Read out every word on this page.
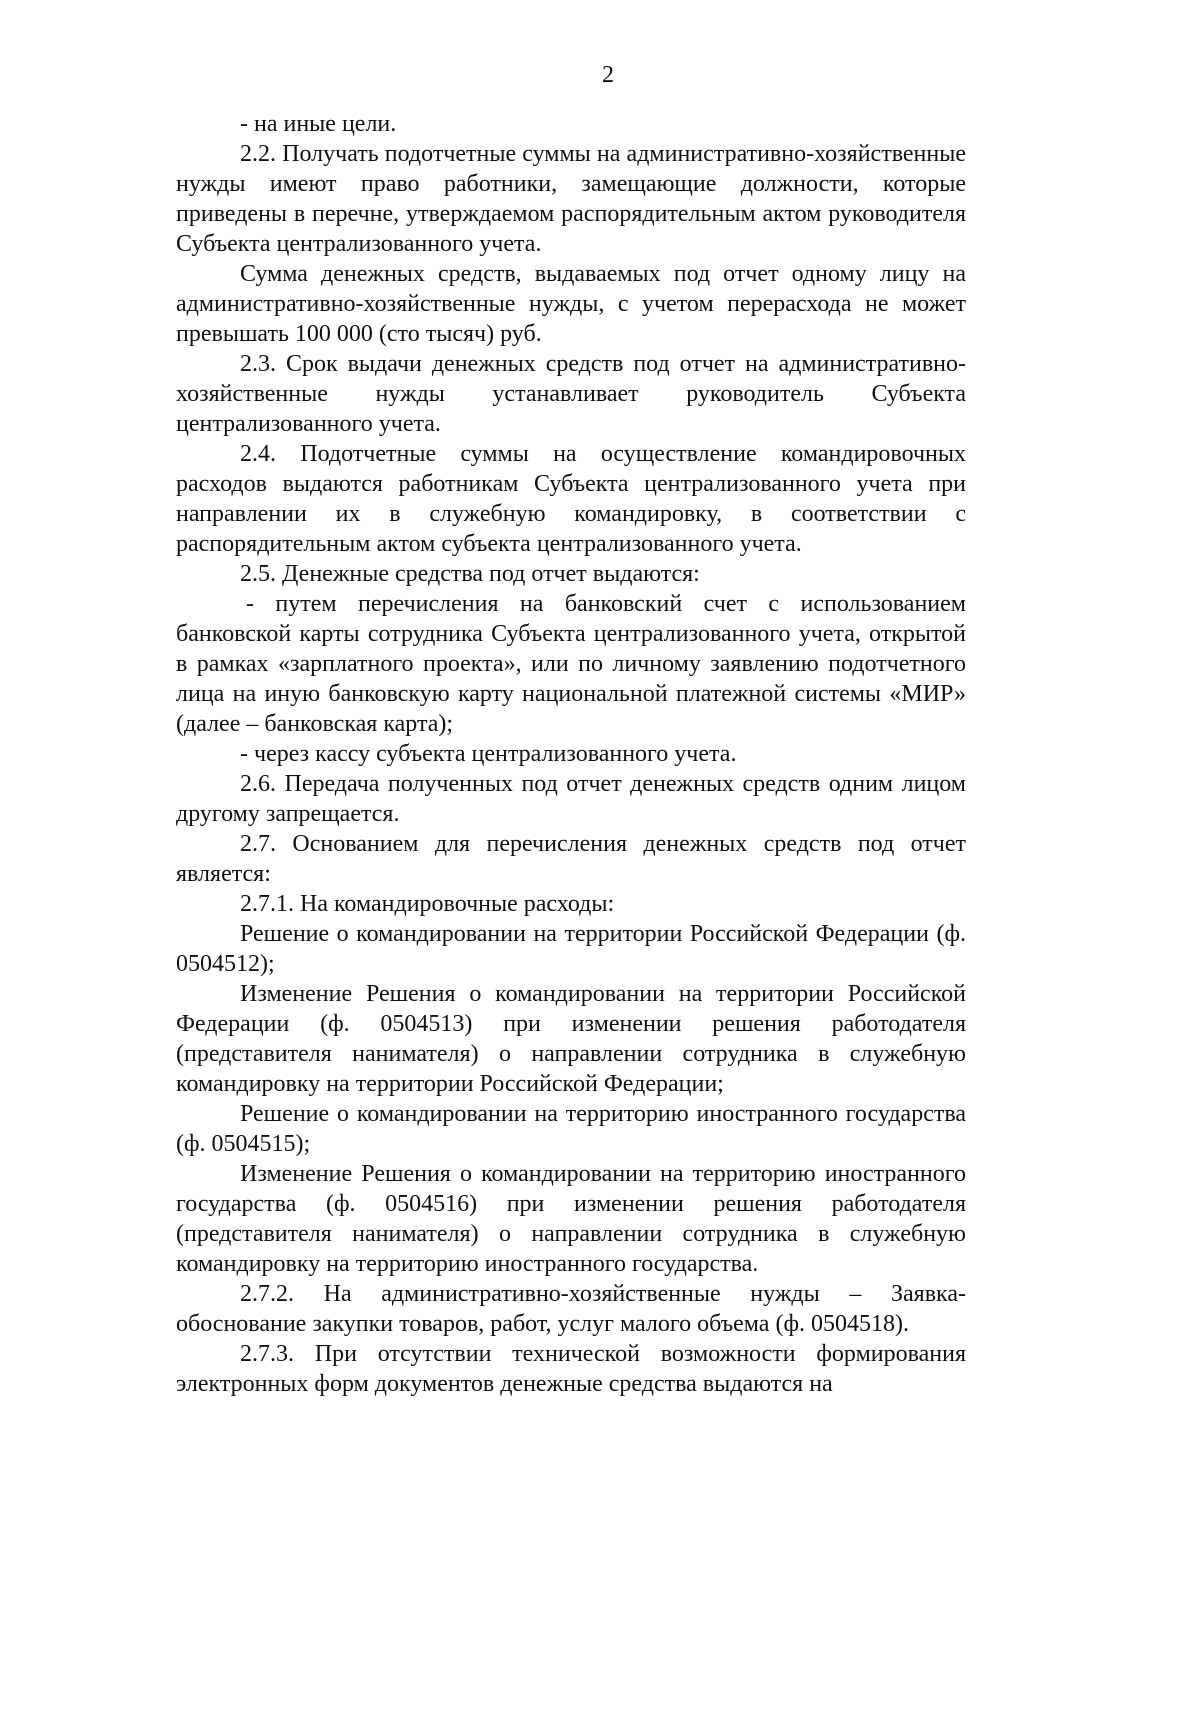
2

- на иные цели.

2.2. Получать подотчетные суммы на административно-хозяйственные нужды имеют право работники, замещающие должности, которые приведены в перечне, утверждаемом распорядительным актом руководителя Субъекта централизованного учета.

Сумма денежных средств, выдаваемых под отчет одному лицу на административно-хозяйственные нужды, с учетом перерасхода не может превышать 100 000 (сто тысяч) руб.

2.3. Срок выдачи денежных средств под отчет на административно-хозяйственные нужды устанавливает руководитель Субъекта централизованного учета.

2.4. Подотчетные суммы на осуществление командировочных расходов выдаются работникам Субъекта централизованного учета при направлении их в служебную командировку, в соответствии с распорядительным актом субъекта централизованного учета.

2.5. Денежные средства под отчет выдаются:

- путем перечисления на банковский счет с использованием банковской карты сотрудника Субъекта централизованного учета, открытой в рамках «зарплатного проекта», или по личному заявлению подотчетного лица на иную банковскую карту национальной платежной системы «МИР» (далее – банковская карта);

- через кассу субъекта централизованного учета.

2.6. Передача полученных под отчет денежных средств одним лицом другому запрещается.

2.7. Основанием для перечисления денежных средств под отчет является:

2.7.1. На командировочные расходы:

Решение о командировании на территории Российской Федерации (ф. 0504512);

Изменение Решения о командировании на территории Российской Федерации (ф. 0504513) при изменении решения работодателя (представителя нанимателя) о направлении сотрудника в служебную командировку на территории Российской Федерации;

Решение о командировании на территорию иностранного государства (ф. 0504515);

Изменение Решения о командировании на территорию иностранного государства (ф. 0504516) при изменении решения работодателя (представителя нанимателя) о направлении сотрудника в служебную командировку на территорию иностранного государства.

2.7.2. На административно-хозяйственные нужды – Заявка-обоснование закупки товаров, работ, услуг малого объема (ф. 0504518).

2.7.3. При отсутствии технической возможности формирования электронных форм документов денежные средства выдаются на
